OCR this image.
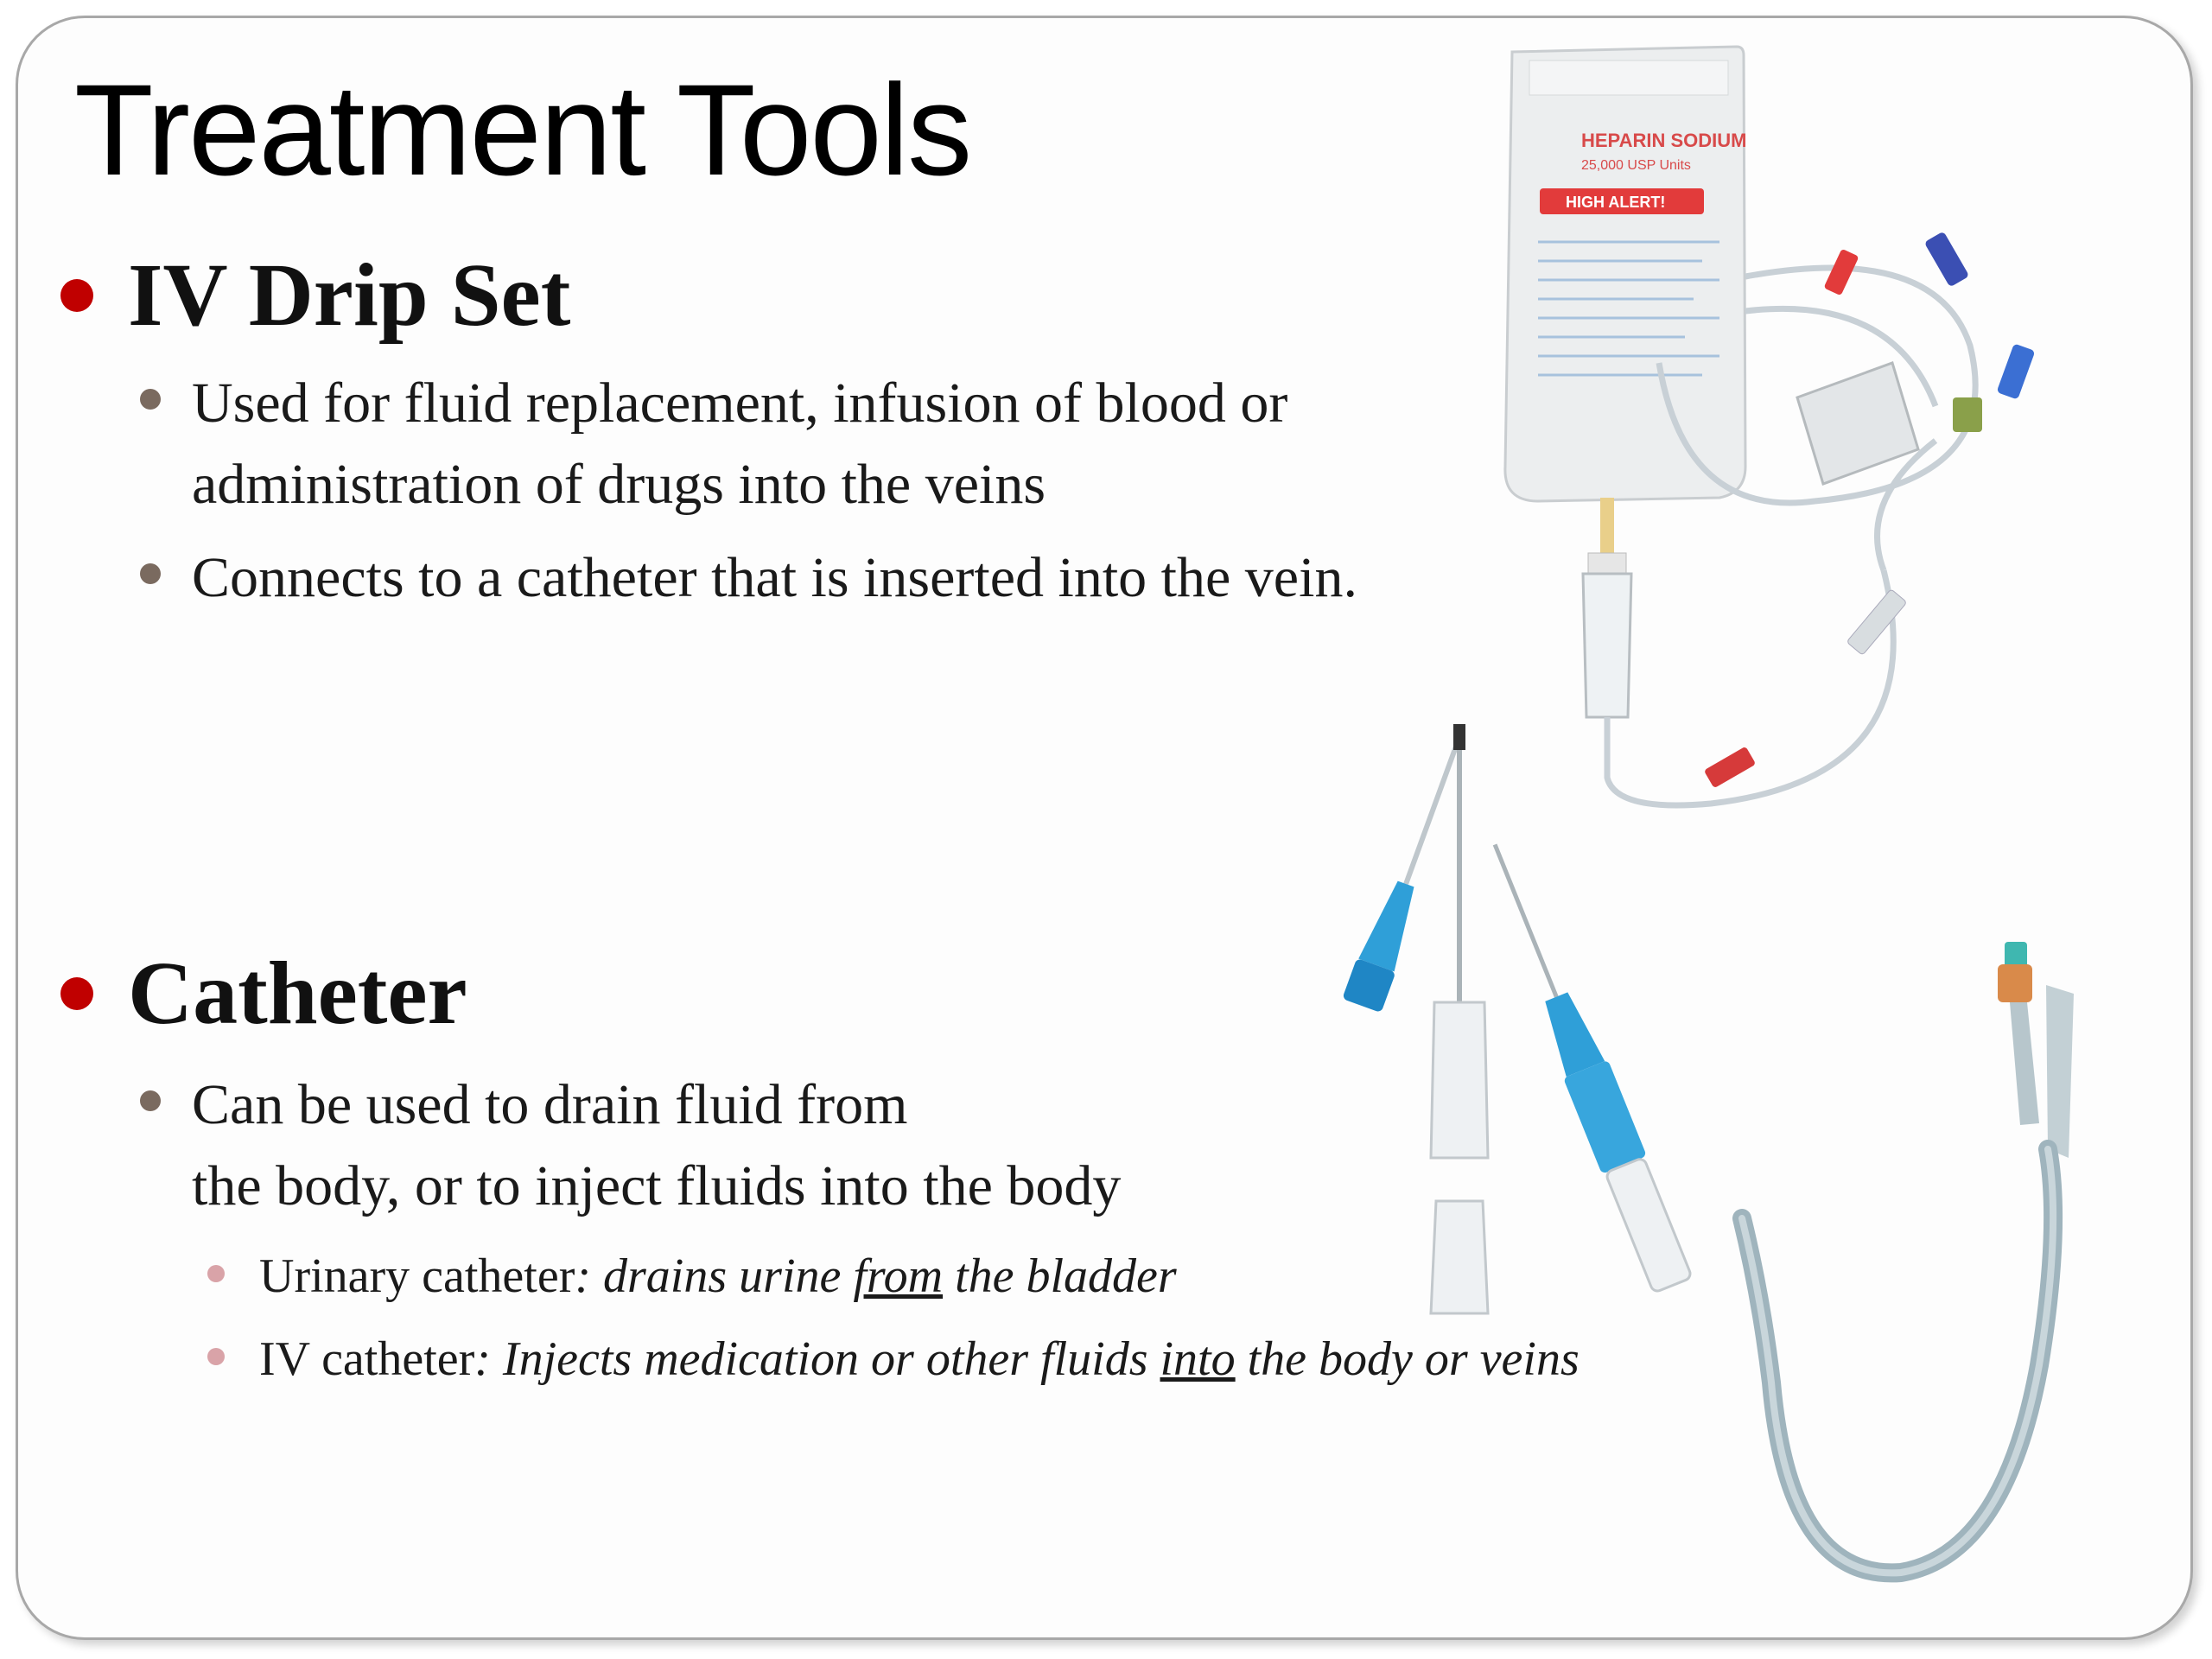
Treatment Tools
IV Drip Set
Used for fluid replacement, infusion of blood or
administration of drugs into the veins
Connects to a catheter that is inserted into the vein.
Catheter
Can be used to drain fluid from
the body, or to inject fluids into the body
Urinary catheter: drains urine from the bladder
IV catheter: Injects medication or other fluids into the body or veins
HEPARIN SODIUM
25,000 USP Units
HIGH ALERT!
